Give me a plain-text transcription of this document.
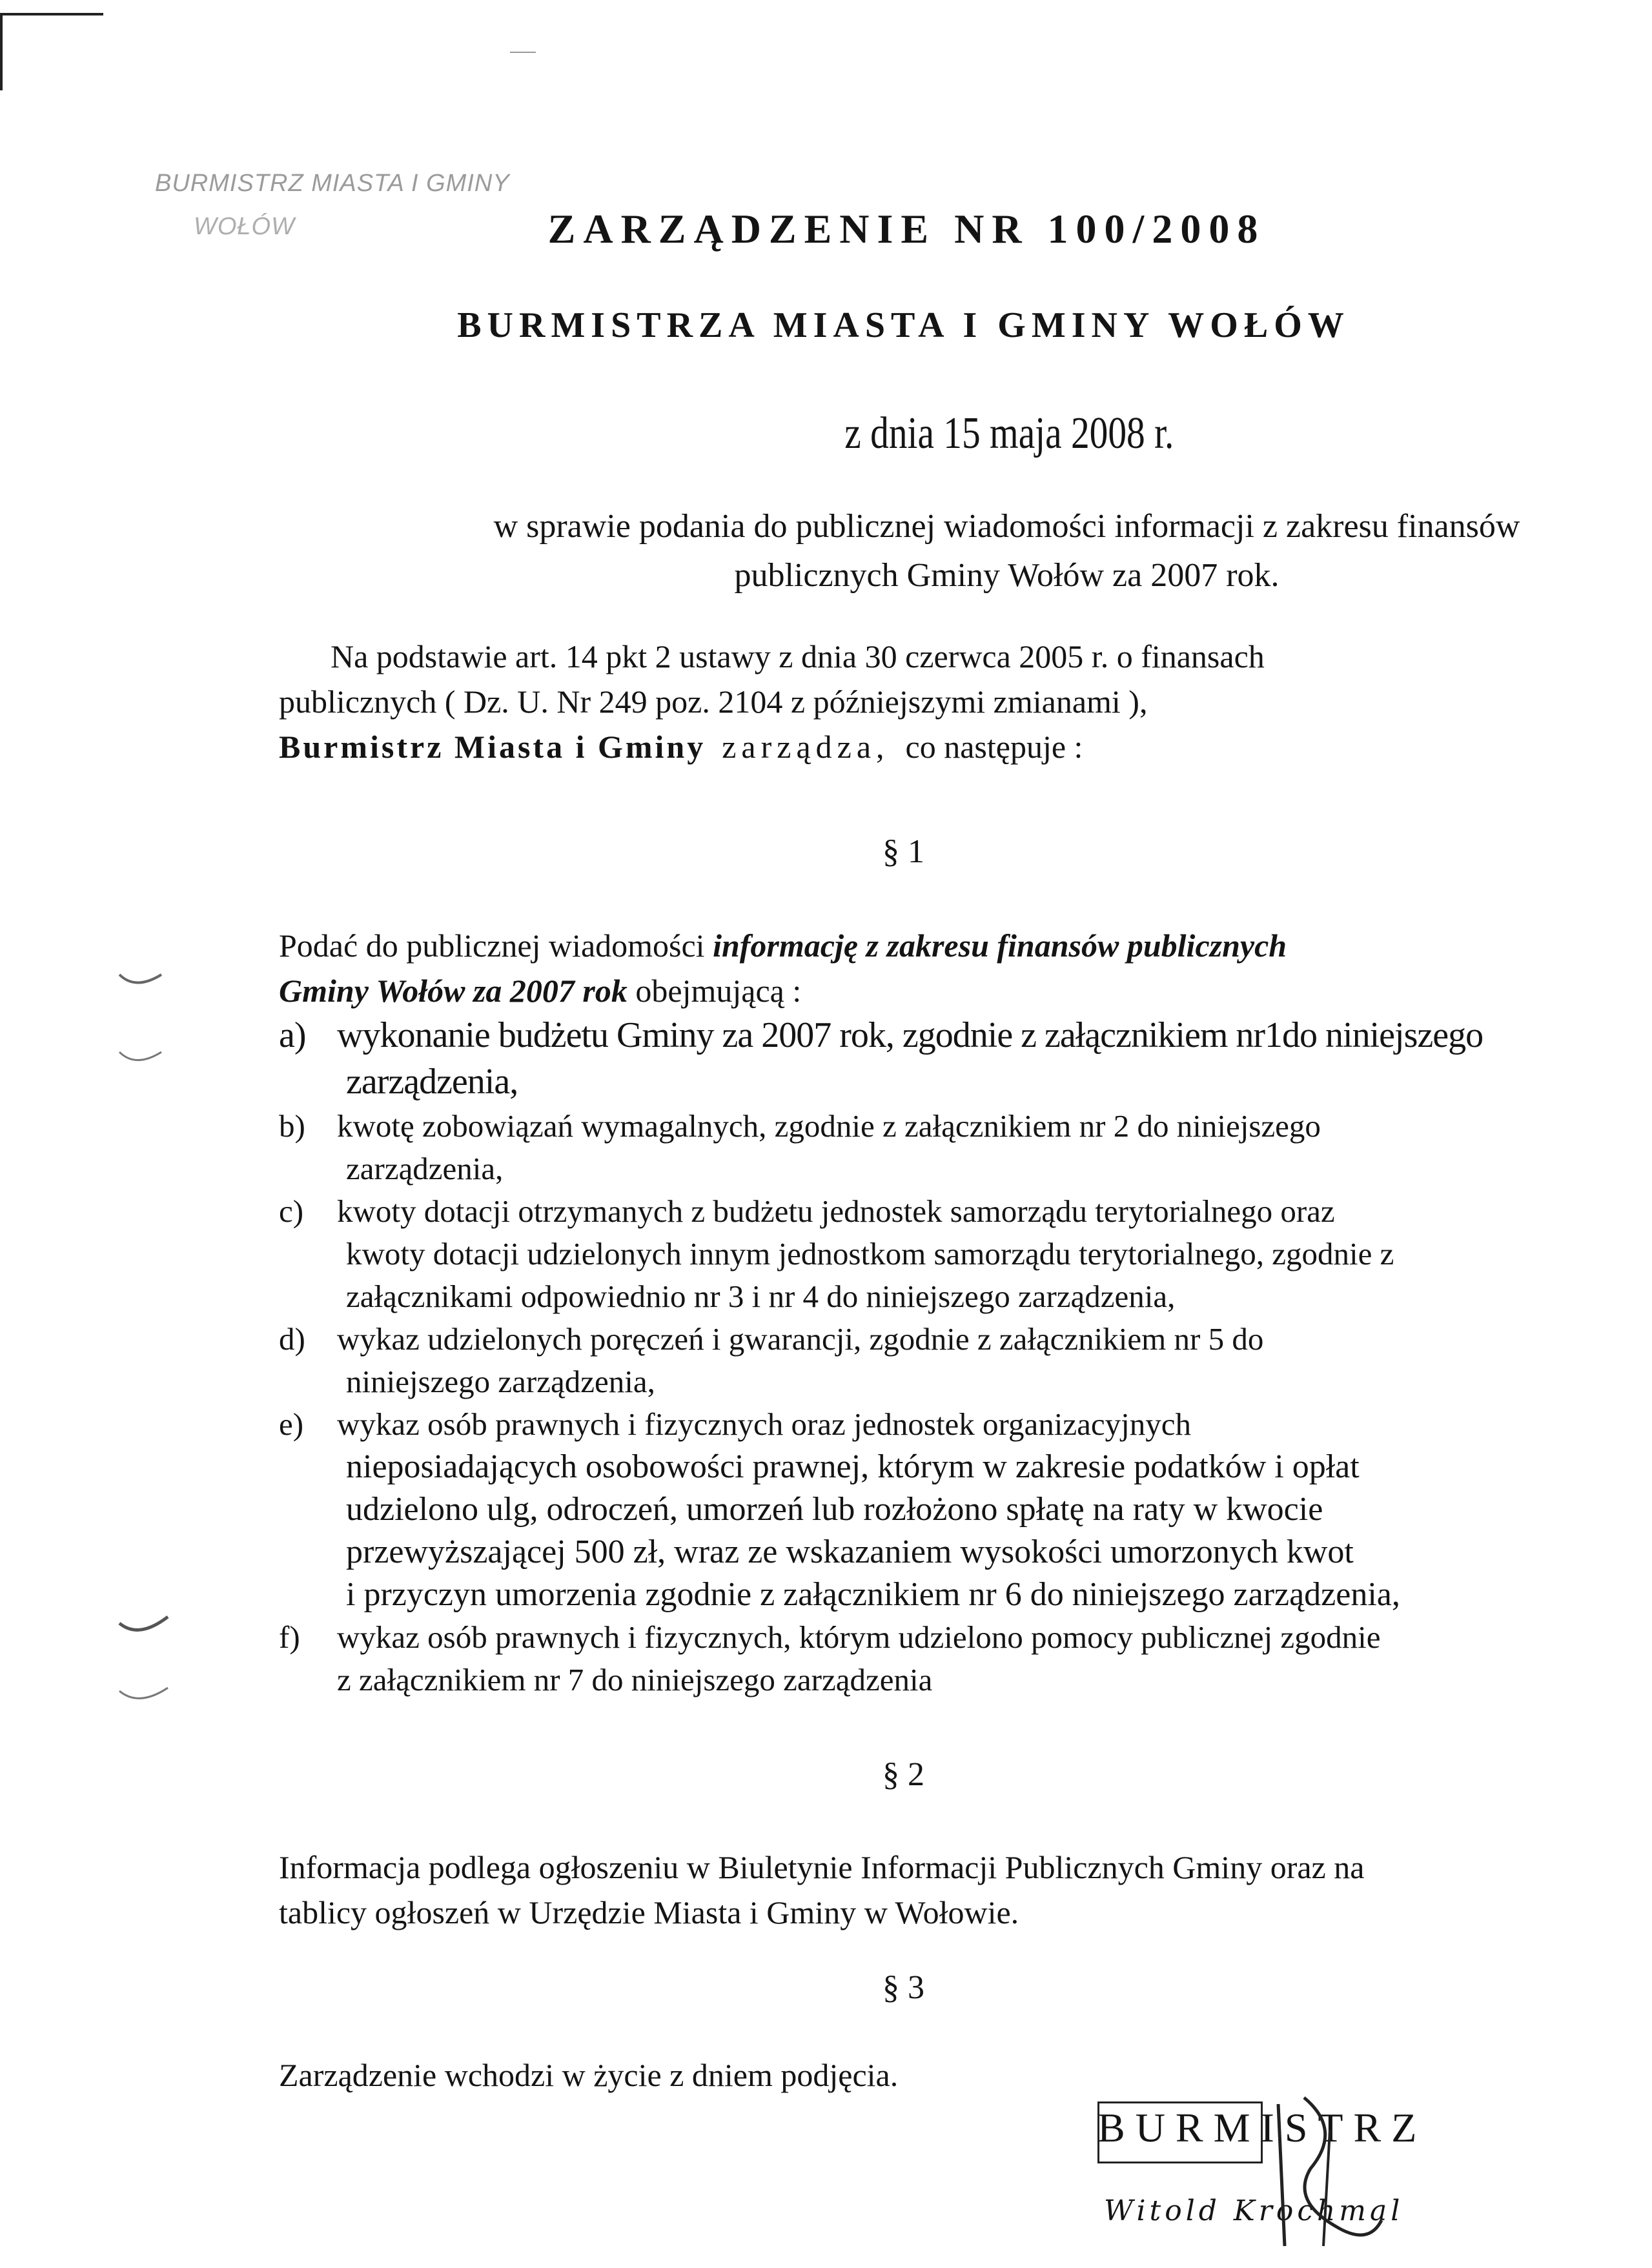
BURMISTRZ MIASTA I GMINY
WOŁÓW	ZARZĄDZENIE NR 100/2008
BURMISTRZA MIASTA I GMINY WOŁÓW
z dnia 15 maja 2008 r.
w sprawie podania do publicznej wiadomości informacji z zakresu finansów
publicznych Gminy Wołów za 2007 rok.
Na podstawie art. 14 pkt 2 ustawy z dnia 30 czerwca 2005 r. o finansach
publicznych ( Dz. U. Nr 249 poz. 2104 z późniejszymi zmianami ),
Burmistrz Miasta i Gminy zarządza, co następuje :
§ 1
Podać do publicznej wiadomości informację z zakresu finansów publicznych
Gminy Wołów za 2007 rok obejmującą :
a) wykonanie budżetu Gminy za 2007 rok, zgodnie z załącznikiem nr1do niniejszego
zarządzenia,
b)	kwotę zobowiązań wymagalnych, zgodnie z załącznikiem nr 2 do niniejszego
zarządzenia,
c)	kwoty dotacji otrzymanych z budżetu jednostek samorządu terytorialnego oraz
kwoty dotacji udzielonych innym jednostkom samorządu terytorialnego, zgodnie z
załącznikami odpowiednio nr 3 i nr 4 do niniejszego zarządzenia,
d)	wykaz udzielonych poręczeń i gwarancji, zgodnie z załącznikiem nr 5 do
niniejszego zarządzenia,
e)	wykaz osób prawnych i fizycznych oraz jednostek organizacyjnych
nieposiadających osobowości prawnej, którym w zakresie podatków i opłat
udzielono ulg, odroczeń, umorzeń lub rozłożono spłatę na raty w kwocie
przewyższającej 500 zł, wraz ze wskazaniem wysokości umorzonych kwot
i przyczyn umorzenia zgodnie z załącznikiem nr 6 do niniejszego zarządzenia,
f)	wykaz osób prawnych i fizycznych, którym udzielono pomocy publicznej zgodnie
z załącznikiem nr 7 do niniejszego zarządzenia
§ 2
Informacja podlega ogłoszeniu w Biuletynie Informacji Publicznych Gminy oraz na
tablicy ogłoszeń w Urzędzie Miasta i Gminy w Wołowie.
§ 3
Zarządzenie wchodzi w życie z dniem podjęcia.
BURMISTRZ
Witold Krochmal
